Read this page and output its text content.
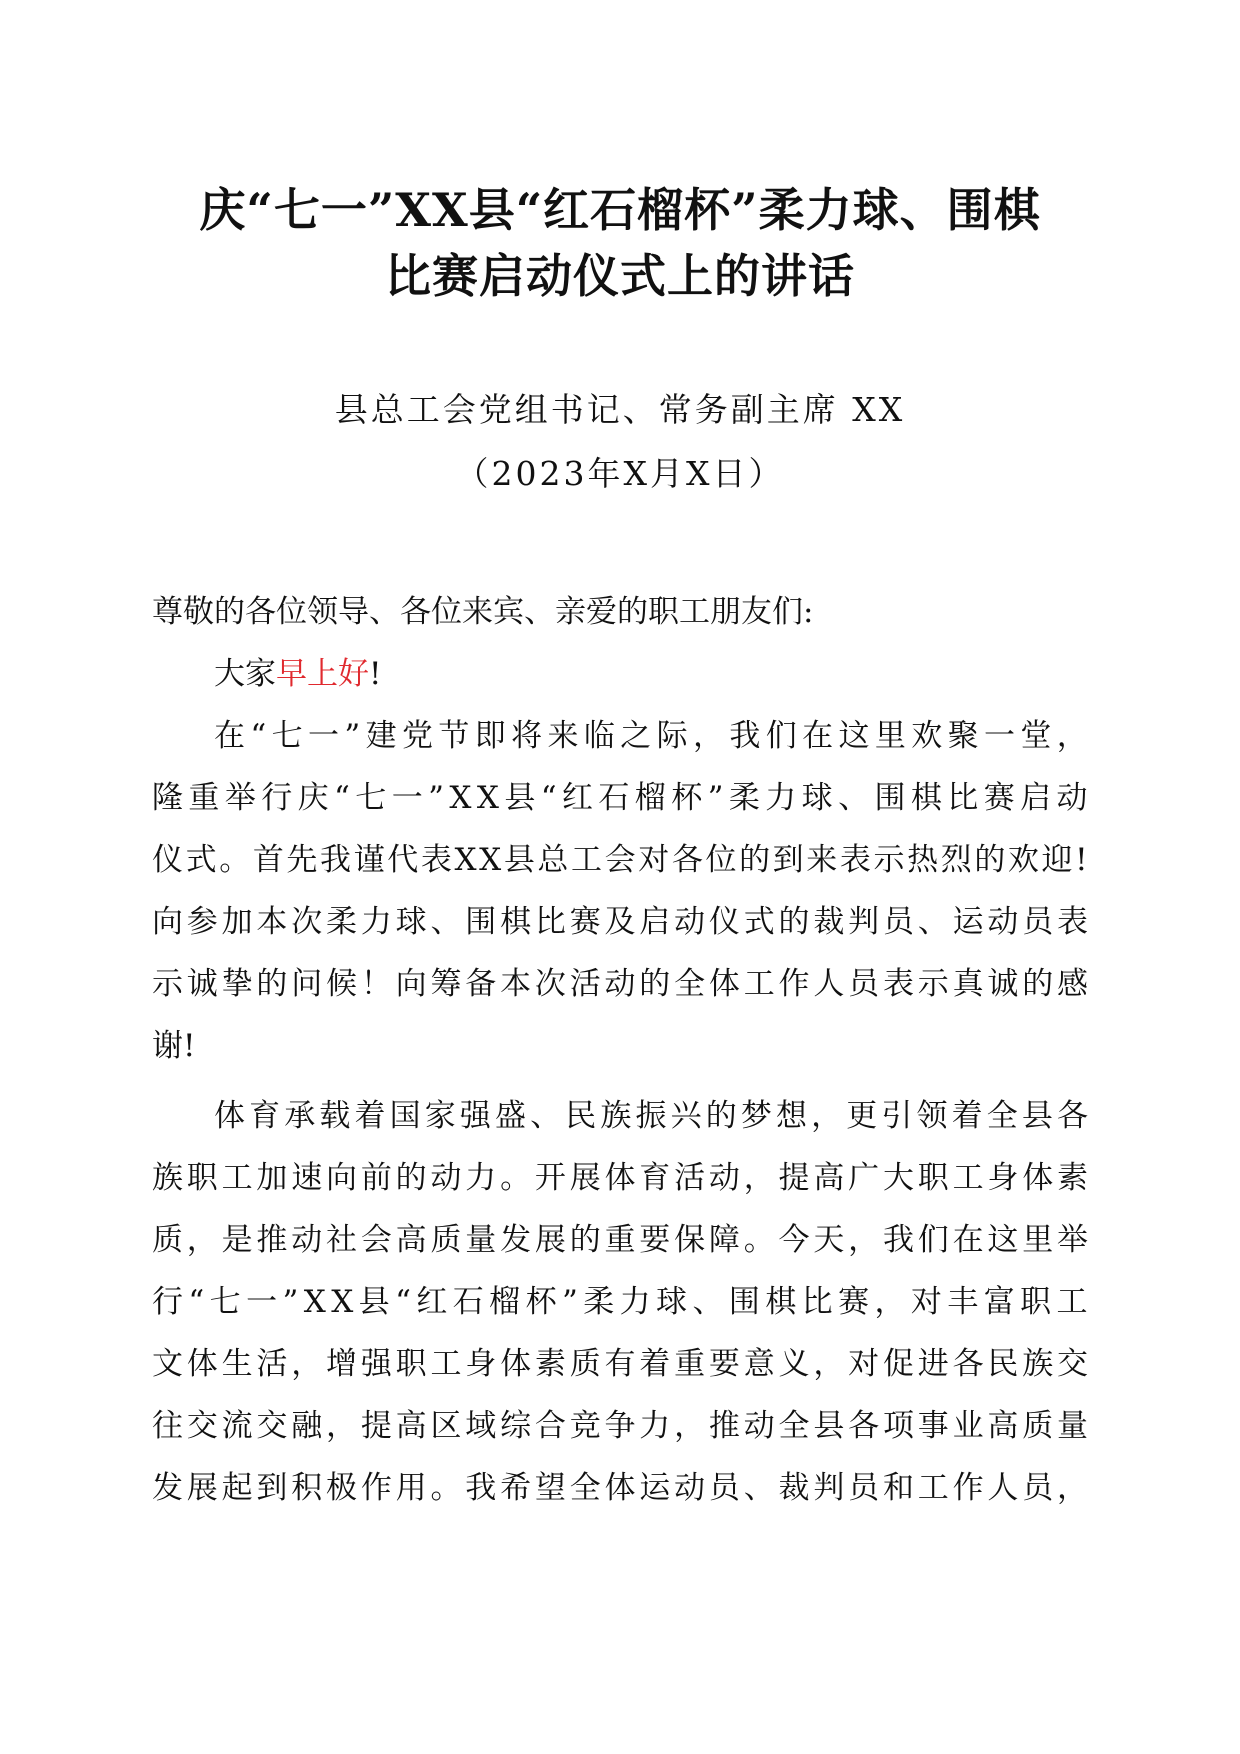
庆“七一”XX县“红石榴杯”柔力球、围棋
比赛启动仪式上的讲话
县总工会党组书记、常务副主席 XX
（2023年X月X日）
尊敬的各位领导、各位来宾、亲爱的职工朋友们:
大家早上好!
在“七一”建党节即将来临之际，我们在这里欢聚一堂，
隆重举行庆“七一”XX县“红石榴杯”柔力球、围棋比赛启动
仪式。首先我谨代表XX县总工会对各位的到来表示热烈的欢迎!
向参加本次柔力球、围棋比赛及启动仪式的裁判员、运动员表
示诚挚的问候！向筹备本次活动的全体工作人员表示真诚的感
谢!
体育承载着国家强盛、民族振兴的梦想，更引领着全县各
族职工加速向前的动力。开展体育活动，提高广大职工身体素
质，是推动社会高质量发展的重要保障。今天，我们在这里举
行“七一”XX县“红石榴杯”柔力球、围棋比赛，对丰富职工
文体生活，增强职工身体素质有着重要意义，对促进各民族交
往交流交融，提高区域综合竞争力，推动全县各项事业高质量
发展起到积极作用。我希望全体运动员、裁判员和工作人员，
